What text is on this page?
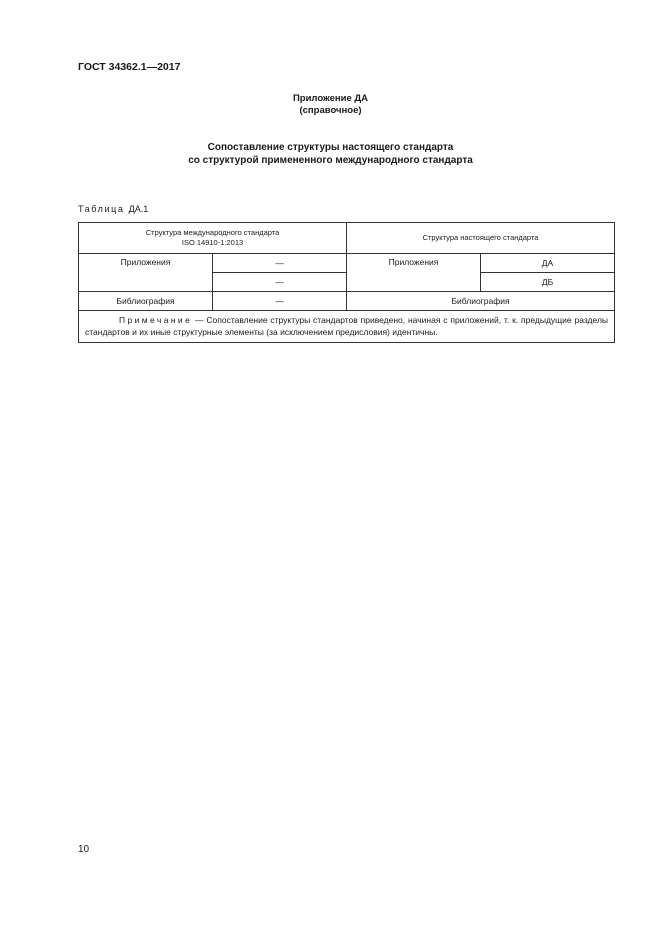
ГОСТ 34362.1—2017
Приложение ДА
(справочное)
Сопоставление структуры настоящего стандарта
со структурой примененного международного стандарта
Таблица ДА.1
Структура международного стандарта
ISO 14910-1:2013		Структура настоящего стандарта	
Приложения	—	Приложения	ДА
	—		ДБ
Библиография	—	Библиография	
Примечание — Сопоставление структуры стандартов приведено, начиная с приложений, т. к. предыдущие разделы стандартов и их иные структурные элементы (за исключением предисловия) идентичны.			
10
